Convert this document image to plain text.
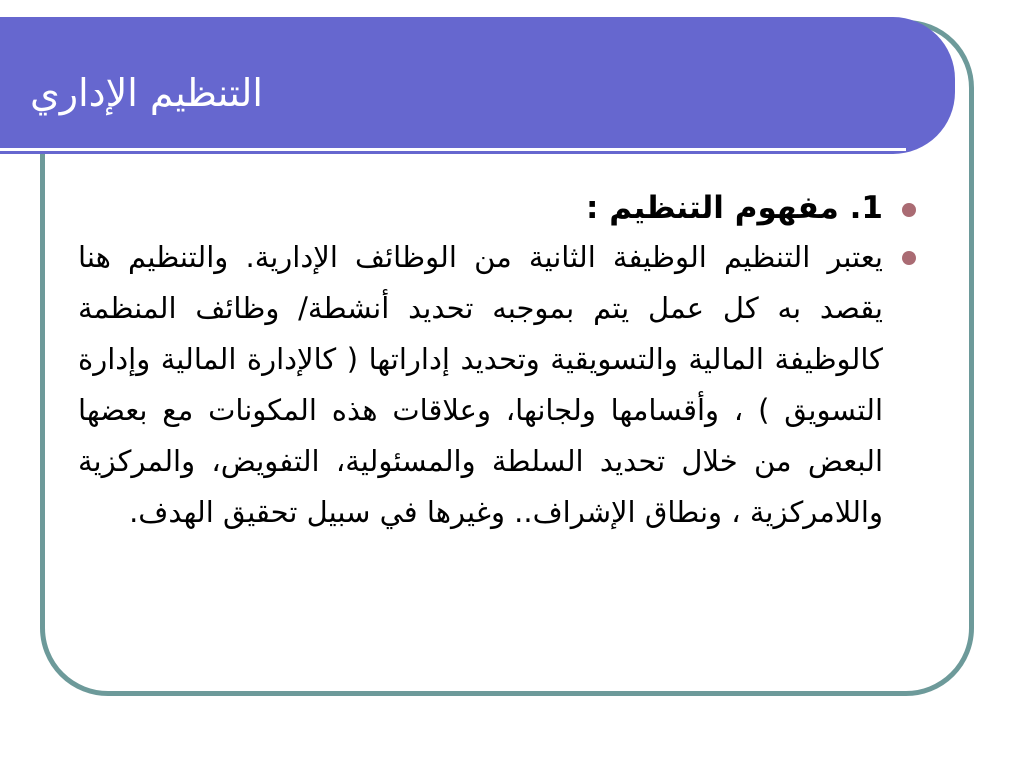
التنظيم الإداري
1. مفهوم التنظيم :
يعتبر التنظيم الوظيفة الثانية من الوظائف الإدارية. والتنظيم هنا يقصد به كل عمل يتم بموجبه تحديد أنشطة/ وظائف المنظمة كالوظيفة المالية والتسويقية وتحديد إداراتها ( كالإدارة المالية وإدارة التسويق ) ، وأقسامها ولجانها، وعلاقات هذه المكونات مع بعضها البعض من خلال تحديد السلطة والمسئولية، التفويض، والمركزية واللامركزية ، ونطاق الإشراف.. وغيرها في سبيل تحقيق الهدف.
